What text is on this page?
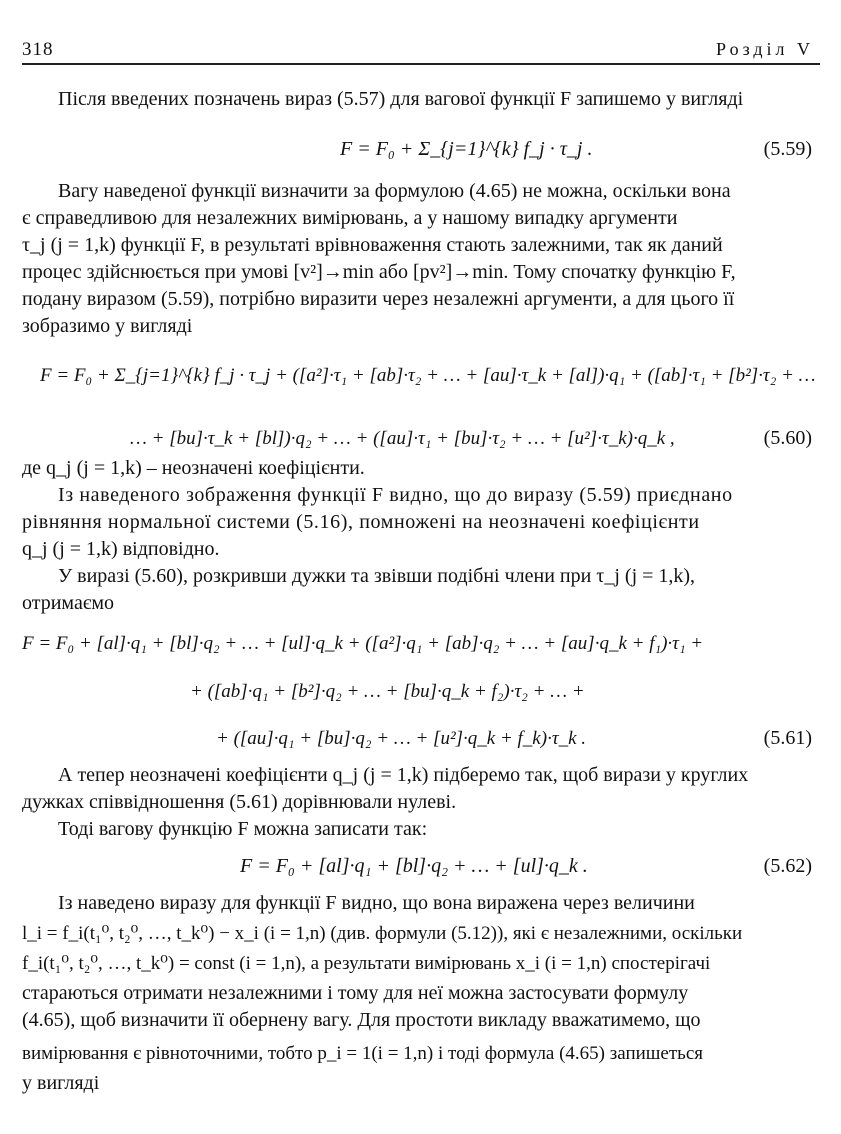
318	Розділ V
Після введених позначень вираз (5.57) для вагової функції F запишемо у вигляді
F = F₀ + Σ_{j=1}^{k} f_j · τ_j .	(5.59)
Вагу наведеної функції визначити за формулою (4.65) не можна, оскільки вона
є справедливою для незалежних вимірювань, а у нашому випадку аргументи
τ_j (j = 1,k) функції F, в результаті врівноваження стають залежними, так як даний
процес здійснюється при умові [v²]→min або [pv²]→min. Тому спочатку функцію F,
подану виразом (5.59), потрібно виразити через незалежні аргументи, а для цього її
зобразимо у вигляді
F = F₀ + Σ_{j=1}^{k} f_j · τ_j + ([a²]·τ₁ + [ab]·τ₂ + … + [au]·τ_k + [al])·q₁ + ([ab]·τ₁ + [b²]·τ₂ + …
… + [bu]·τ_k + [bl])·q₂ + … + ([au]·τ₁ + [bu]·τ₂ + … + [u²]·τ_k)·q_k ,	(5.60)
де q_j (j = 1,k) – неозначені коефіцієнти.
Із наведеного зображення функції F видно, що до виразу (5.59) приєднано
рівняння нормальної системи (5.16), помножені на неозначені коефіцієнти
q_j (j = 1,k) відповідно.
У виразі (5.60), розкривши дужки та звівши подібні члени при τ_j (j = 1,k),
отримаємо
F = F₀ + [al]·q₁ + [bl]·q₂ + … + [ul]·q_k + ([a²]·q₁ + [ab]·q₂ + … + [au]·q_k + f₁)·τ₁ +
+ ([ab]·q₁ + [b²]·q₂ + … + [bu]·q_k + f₂)·τ₂ + … +
+ ([au]·q₁ + [bu]·q₂ + … + [u²]·q_k + f_k)·τ_k .	(5.61)
А тепер неозначені коефіцієнти q_j (j = 1,k) підберемо так, щоб вирази у круглих
дужках співвідношення (5.61) дорівнювали нулеві.
Тоді вагову функцію F можна записати так:
F = F₀ + [al]·q₁ + [bl]·q₂ + … + [ul]·q_k .	(5.62)
Із наведено виразу для функції F видно, що вона виражена через величини
l_i = f_i(t₁⁰, t₂⁰, …, t_k⁰) − x_i (i = 1,n) (див. формули (5.12)), які є незалежними, оскільки
f_i(t₁⁰, t₂⁰, …, t_k⁰) = const (i = 1,n), а результати вимірювань x_i (i = 1,n) спостерігачі
стараються отримати незалежними і тому для неї можна застосувати формулу
(4.65), щоб визначити її обернену вагу. Для простоти викладу вважатимемо, що
вимірювання є рівноточними, тобто p_i = 1(i = 1,n) і тоді формула (4.65) запишеться
у вигляді
